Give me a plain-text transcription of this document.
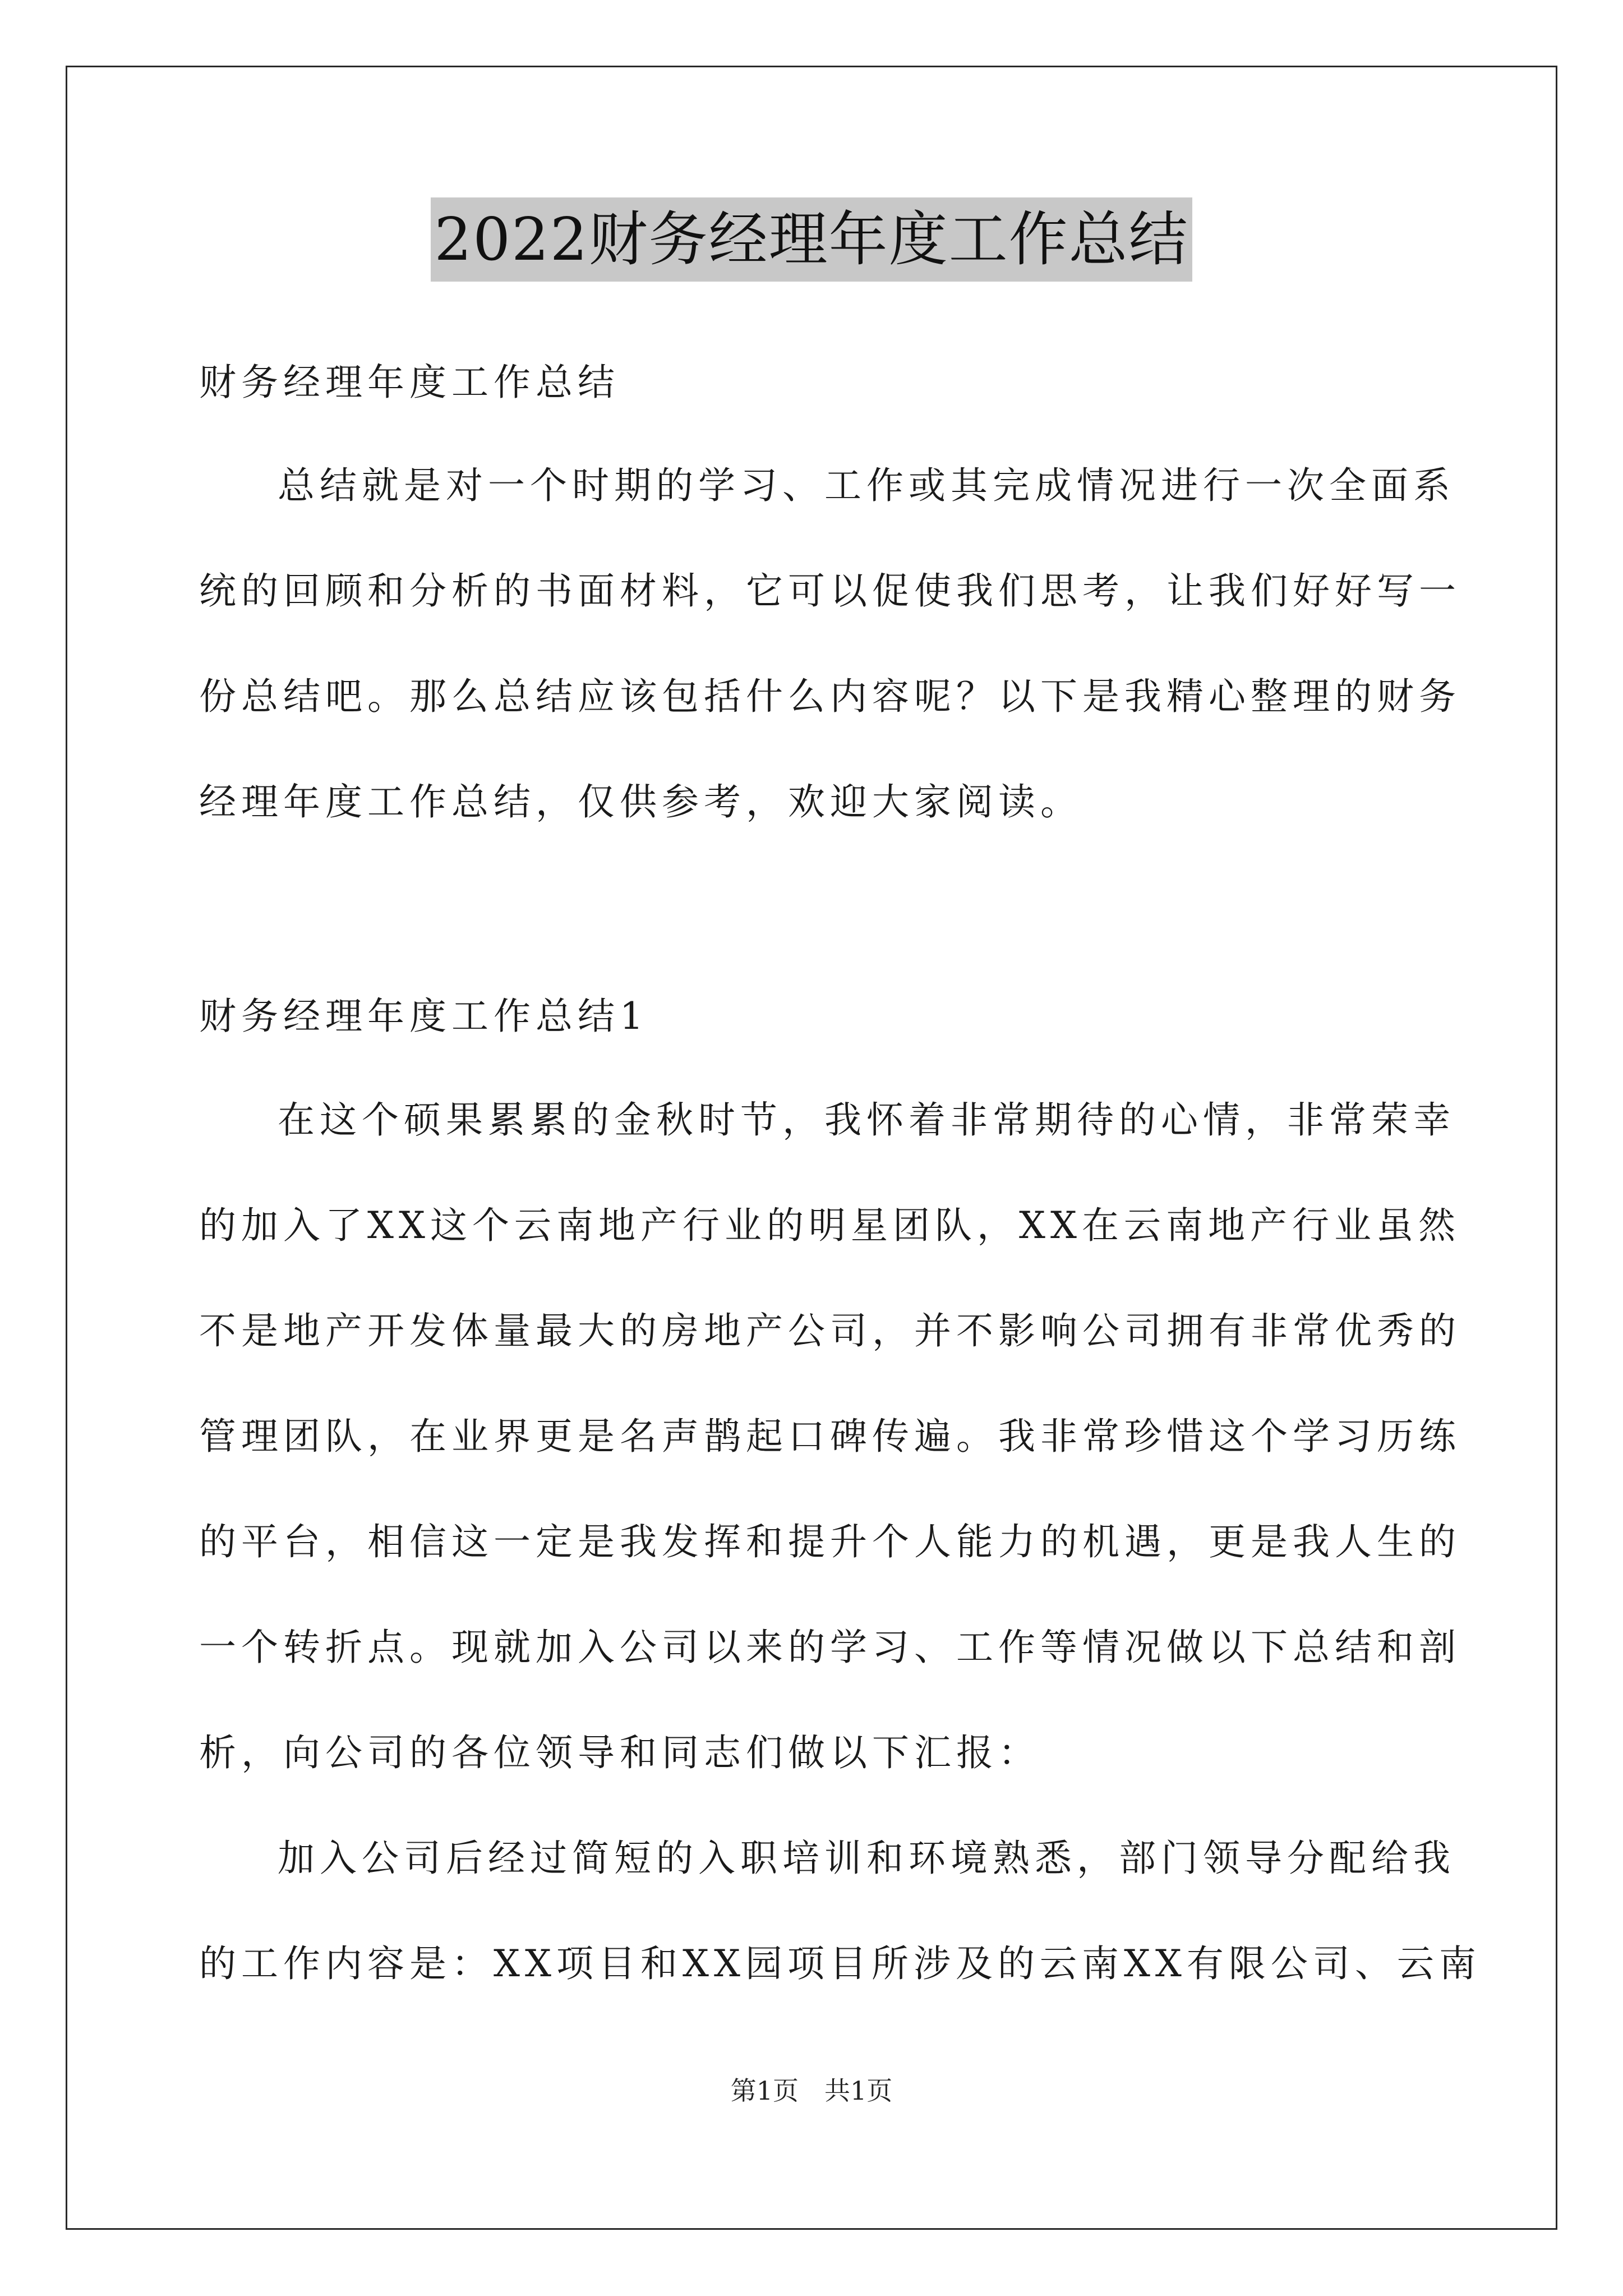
2022财务经理年度工作总结
财务经理年度工作总结
总结就是对一个时期的学习、工作或其完成情况进行一次全面系
统的回顾和分析的书面材料，它可以促使我们思考，让我们好好写一
份总结吧。那么总结应该包括什么内容呢？以下是我精心整理的财务
经理年度工作总结，仅供参考，欢迎大家阅读。
财务经理年度工作总结1
在这个硕果累累的金秋时节，我怀着非常期待的心情，非常荣幸
的加入了XX这个云南地产行业的明星团队，XX在云南地产行业虽然
不是地产开发体量最大的房地产公司，并不影响公司拥有非常优秀的
管理团队，在业界更是名声鹊起口碑传遍。我非常珍惜这个学习历练
的平台，相信这一定是我发挥和提升个人能力的机遇，更是我人生的
一个转折点。现就加入公司以来的学习、工作等情况做以下总结和剖
析，向公司的各位领导和同志们做以下汇报：
加入公司后经过简短的入职培训和环境熟悉，部门领导分配给我
的工作内容是：XX项目和XX园项目所涉及的云南XX有限公司、云南
第1页　共1页
